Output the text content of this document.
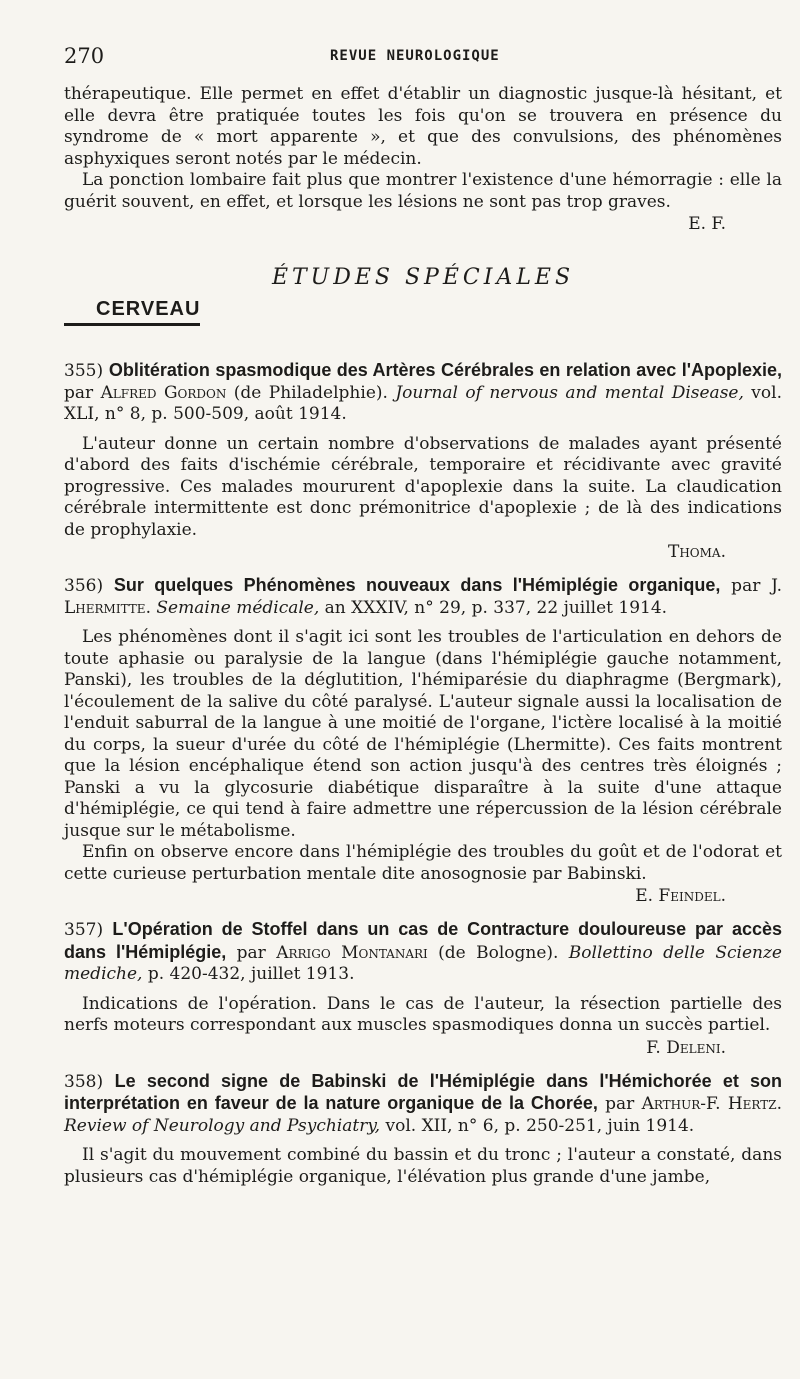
270	REVUE NEUROLOGIQUE

thérapeutique. Elle permet en effet d'établir un diagnostic jusque-là hésitant, et elle devra être pratiquée toutes les fois qu'on se trouvera en présence du syndrome de « mort apparente », et que des convulsions, des phénomènes asphyxiques seront notés par le médecin.

La ponction lombaire fait plus que montrer l'existence d'une hémorragie : elle la guérit souvent, en effet, et lorsque les lésions ne sont pas trop graves.

E. F.
ÉTUDES SPÉCIALES
CERVEAU
355) Oblitération spasmodique des Artères Cérébrales en relation avec l'Apoplexie, par Alfred Gordon (de Philadelphie). Journal of nervous and mental Disease, vol. XLI, n° 8, p. 500-509, août 1914.

L'auteur donne un certain nombre d'observations de malades ayant présenté d'abord des faits d'ischémie cérébrale, temporaire et récidivante avec gravité progressive. Ces malades moururent d'apoplexie dans la suite. La claudication cérébrale intermittente est donc prémonitrice d'apoplexie ; de là des indications de prophylaxie.

Thoma.
356) Sur quelques Phénomènes nouveaux dans l'Hémiplégie organique, par J. Lhermitte. Semaine médicale, an XXXIV, n° 29, p. 337, 22 juillet 1914.

Les phénomènes dont il s'agit ici sont les troubles de l'articulation en dehors de toute aphasie ou paralysie de la langue (dans l'hémiplégie gauche notamment, Panski), les troubles de la déglutition, l'hémiparésie du diaphragme (Bergmark), l'écoulement de la salive du côté paralysé. L'auteur signale aussi la localisation de l'enduit saburral de la langue à une moitié de l'organe, l'ictère localisé à la moitié du corps, la sueur d'urée du côté de l'hémiplégie (Lhermitte). Ces faits montrent que la lésion encéphalique étend son action jusqu'à des centres très éloignés ; Panski a vu la glycosurie diabétique disparaître à la suite d'une attaque d'hémiplégie, ce qui tend à faire admettre une répercussion de la lésion cérébrale jusque sur le métabolisme.

Enfin on observe encore dans l'hémiplégie des troubles du goût et de l'odorat et cette curieuse perturbation mentale dite anosognosie par Babinski.

E. Feindel.
357) L'Opération de Stoffel dans un cas de Contracture douloureuse par accès dans l'Hémiplégie, par Arrigo Montanari (de Bologne). Bollettino delle Scienze mediche, p. 420-432, juillet 1913.

Indications de l'opération. Dans le cas de l'auteur, la résection partielle des nerfs moteurs correspondant aux muscles spasmodiques donna un succès partiel.

F. Deleni.
358) Le second signe de Babinski de l'Hémiplégie dans l'Hémichorée et son interprétation en faveur de la nature organique de la Chorée, par Arthur-F. Hertz. Review of Neurology and Psychiatry, vol. XII, n° 6, p. 250-251, juin 1914.

Il s'agit du mouvement combiné du bassin et du tronc ; l'auteur a constaté, dans plusieurs cas d'hémiplégie organique, l'élévation plus grande d'une jambe,
